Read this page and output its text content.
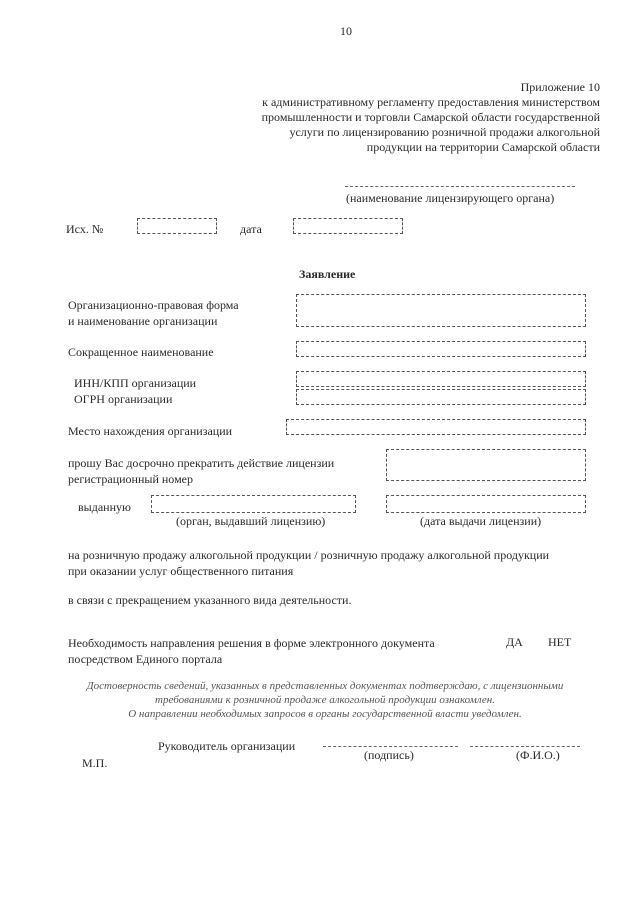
10
Приложение 10
к административному регламенту предоставления министерством
промышленности и торговли Самарской области государственной
услуги по лицензированию розничной продажи алкогольной
продукции на территории Самарской области
(наименование лицензирующего органа)
Исх. №	дата
Заявление
Организационно-правовая форма
и наименование организации
Сокращенное наименование
ИНН/КПП организации
ОГРН организации
Место нахождения организации
прошу Вас досрочно прекратить действие лицензии
регистрационный номер
выданную
(орган, выдавший лицензию)	(дата выдачи лицензии)
на розничную продажу алкогольной продукции / розничную продажу алкогольной продукции
при оказании услуг общественного питания
в связи с прекращением указанного вида деятельности.
Необходимость направления решения в форме электронного документа
посредством Единого портала
ДА НЕТ
Достоверность сведений, указанных в представленных документах подтверждаю, с лицензионными
требованиями к розничной продаже алкогольной продукции ознакомлен.
О направлении необходимых запросов в органы государственной власти уведомлен.
М.П.
Руководитель организации
(подпись)	(Ф.И.О.)
